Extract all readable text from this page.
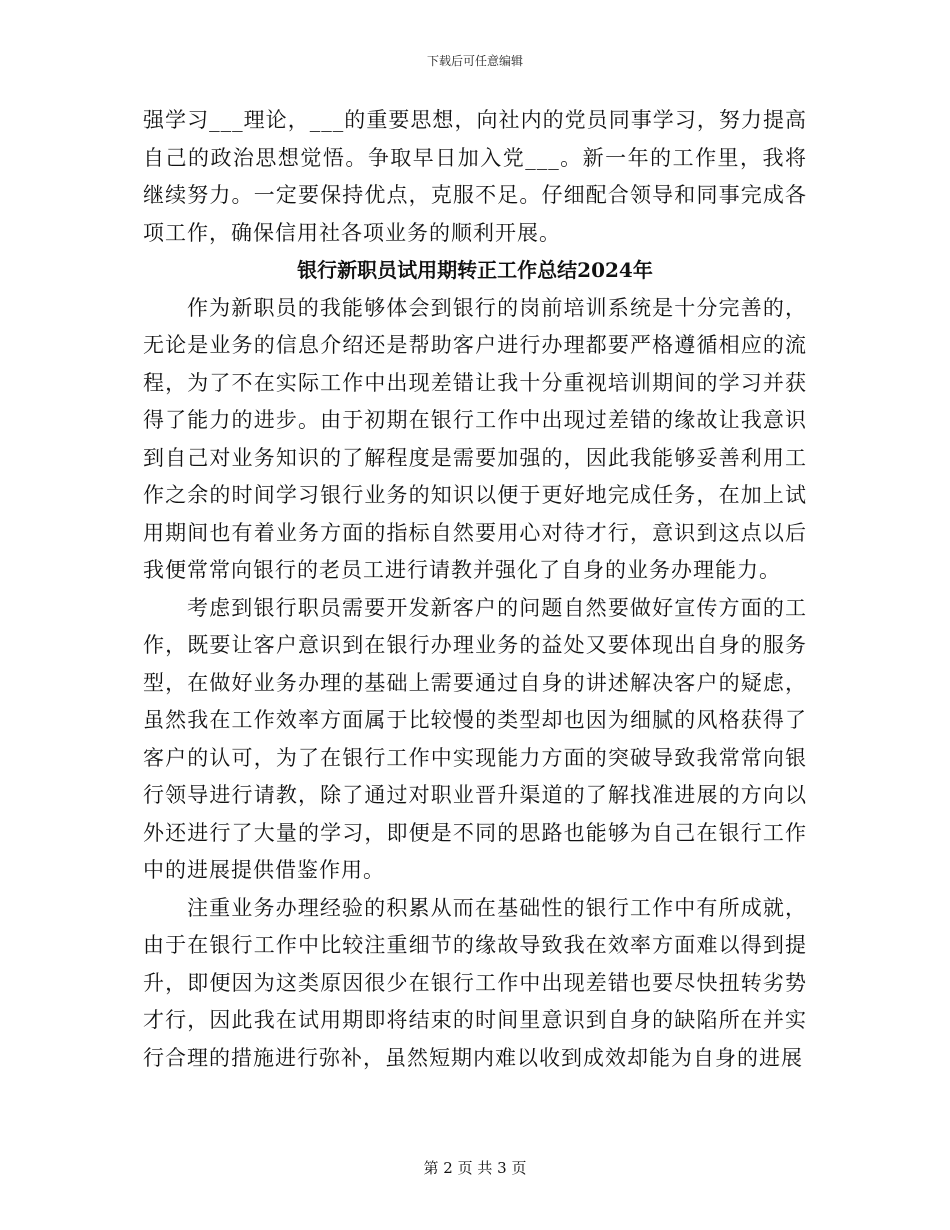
下载后可任意编辑

强学习___理论，___的重要思想，向社内的党员同事学习，努力提高自己的政治思想觉悟。争取早日加入党___。新一年的工作里，我将继续努力。一定要保持优点，克服不足。仔细配合领导和同事完成各项工作，确保信用社各项业务的顺利开展。

银行新职员试用期转正工作总结2024年

作为新职员的我能够体会到银行的岗前培训系统是十分完善的，无论是业务的信息介绍还是帮助客户进行办理都要严格遵循相应的流程，为了不在实际工作中出现差错让我十分重视培训期间的学习并获得了能力的进步。由于初期在银行工作中出现过差错的缘故让我意识到自己对业务知识的了解程度是需要加强的，因此我能够妥善利用工作之余的时间学习银行业务的知识以便于更好地完成任务，在加上试用期间也有着业务方面的指标自然要用心对待才行，意识到这点以后我便常常向银行的老员工进行请教并强化了自身的业务办理能力。

考虑到银行职员需要开发新客户的问题自然要做好宣传方面的工作，既要让客户意识到在银行办理业务的益处又要体现出自身的服务型，在做好业务办理的基础上需要通过自身的讲述解决客户的疑虑，虽然我在工作效率方面属于比较慢的类型却也因为细腻的风格获得了客户的认可，为了在银行工作中实现能力方面的突破导致我常常向银行领导进行请教，除了通过对职业晋升渠道的了解找准进展的方向以外还进行了大量的学习，即便是不同的思路也能够为自己在银行工作中的进展提供借鉴作用。

注重业务办理经验的积累从而在基础性的银行工作中有所成就，由于在银行工作中比较注重细节的缘故导致我在效率方面难以得到提升，即便因为这类原因很少在银行工作中出现差错也要尽快扭转劣势才行，因此我在试用期即将结束的时间里意识到自身的缺陷所在并实行合理的措施进行弥补，虽然短期内难以收到成效却能为自身的进展

第 2 页 共 3 页
